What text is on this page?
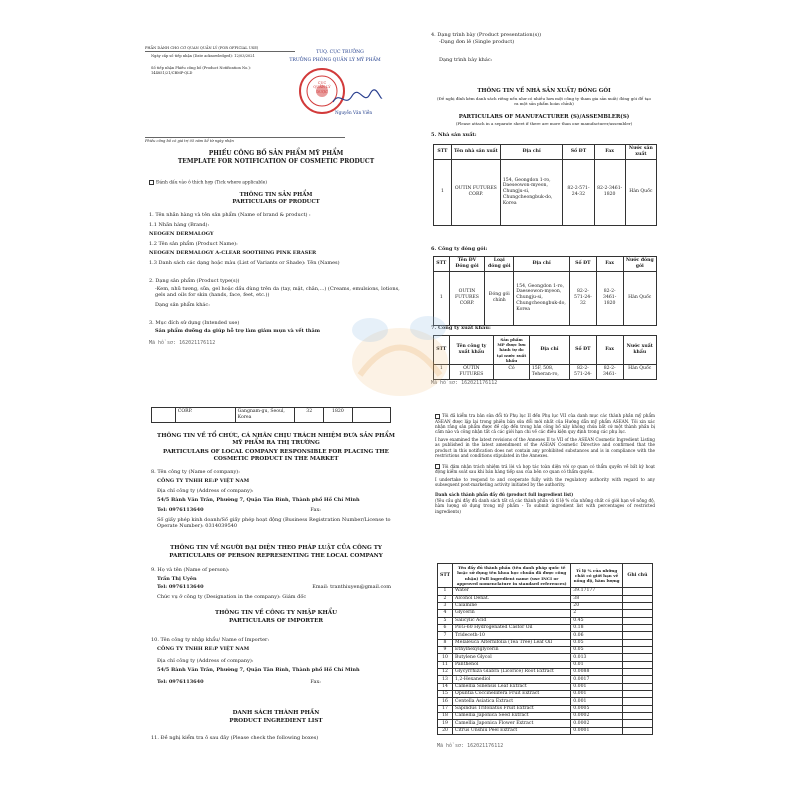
PHẦN DÀNH CHO CƠ QUAN QUẢN LÝ (FOR OFFICIAL USE)
Ngày cấp số tiếp nhận (Date acknowledged): 12/03/2021
Số tiếp nhận Phiếu công bố (Product Notification No.): 144851/21/CBMP-QLD
TUQ. CỤC TRƯỞNG
TRƯỞNG PHÒNG QUẢN LÝ MỸ PHẨM
CỤC
QUẢN LÝ
DƯỢC
Nguyễn Văn Viễn
Phiếu công bố có giá trị 05 năm kể từ ngày nhận
PHIẾU CÔNG BỐ SẢN PHẨM MỸ PHẨM
TEMPLATE FOR NOTIFICATION OF COSMETIC PRODUCT
Đánh dấu vào ô thích hợp (Tick where applicable)
THÔNG TIN SẢN PHẨM
PARTICULARS OF PRODUCT
1. Tên nhãn hàng và tên sản phẩm (Name of brand & product) :
1.1 Nhãn hàng (Brand):
NEOGEN DERMALOGY
1.2 Tên sản phẩm (Product Name):
NEOGEN DERMALOGY A-CLEAR SOOTHING PINK ERASER
1.3 Danh sách các dạng hoặc màu (List of Variants or Shade): Tên (Names)
2. Dạng sản phẩm (Product type(s))
-Kem, nhũ tương, sữa, gel hoặc dầu dùng trên da (tay, mặt, chân,...) (Creams, emulsions, lotions, gels and oils for skin (hands, face, feet, etc.))
Dạng sản phẩm khác:
3. Mục đích sử dụng (Intended use)
Sản phẩm dưỡng da giúp hỗ trợ làm giảm mụn và vết thâm
Mã hồ sơ: 162021176112
4. Dạng trình bày (Product presentation(s))
-Dạng đơn lẻ (Single product)
Dạng trình bày khác:
THÔNG TIN VỀ NHÀ SẢN XUẤT/ ĐÓNG GÓI
(Đề nghị đính kèm danh sách riêng nếu như có nhiều hơn một công ty tham gia sản xuất/ đóng gói để tạo ra một sản phẩm hoàn chỉnh)
PARTICULARS OF MANUFACTURER (S)/ASSEMBLER(S)
(Please attach in a separate sheet if there are more than one manufacturer/assembler)
5. Nhà sản xuất:
STT	Tên nhà sản xuất	Địa chỉ	Số ĐT	Fax	Nước sản xuất
1	OUTIN FUTURES CORP.	154, Geongdon 1-ro, Daeseowon-myeon, Chungju-si, Chungcheongbuk-do, Korea	82-2-571-24-32	82-2-3461-1820	Hàn Quốc
6. Công ty đóng gói:
STT	Tên ĐV Đóng gói	Loại đóng gói	Địa chỉ	Số ĐT	Fax	Nước đóng gói
1	OUTIN FUTURES CORP.	Đóng gói chính	154, Geongdon 1-ro, Daeseowon-myeon, Chungju-si, Chungcheongbuk-do, Korea	82-2-571-24-32	82-2-3461-1820	Hàn Quốc
7. Công ty xuất khẩu:
STT	Tên công ty xuất khẩu	Sản phẩm MP được lưu hành tự do tại nước xuất khẩu	Địa chỉ	Số ĐT	Fax	Nước xuất khẩu
1	OUTIN FUTURES	Có	15F, 508, Teheran-ro,	82-2-571-24-	82-2-3461-	Hàn Quốc
Mã hồ sơ: 162021176112
	CORP.	Gangnam-gu, Seoul, Korea	32	1820	
THÔNG TIN VỀ TỔ CHỨC, CÁ NHÂN CHỊU TRÁCH NHIỆM ĐƯA SẢN PHẨM MỸ PHẨM RA THỊ TRƯỜNG
PARTICULARS OF LOCAL COMPANY RESPONSIBLE FOR PLACING THE COSMETIC PRODUCT IN THE MARKET
8. Tên công ty (Name of company):
CÔNG TY TNHH RE:P VIỆT NAM
Địa chỉ công ty (Address of company):
54/5 Bành Văn Trân, Phường 7, Quận Tân Bình, Thành phố Hồ Chí Minh
Tel: 0976113640	Fax:
Số giấy phép kinh doanh/Số giấy phép hoạt động (Business Registration Number/License to Operate Number): 0314039540
THÔNG TIN VỀ NGƯỜI ĐẠI DIỆN THEO PHÁP LUẬT CỦA CÔNG TY
PARTICULARS OF PERSON REPRESENTING THE LOCAL COMPANY
9. Họ và tên (Name of person):
Trần Thị Uyên
Tel: 0976113640	Email: tranthiuyen@gmail.com
Chức vụ ở công ty (Designation in the company): Giám đốc
THÔNG TIN VỀ CÔNG TY NHẬP KHẨU
PARTICULARS OF IMPORTER
10. Tên công ty nhập khẩu/ Name of Importer:
CÔNG TY TNHH RE:P VIỆT NAM
Địa chỉ công ty (Address of company):
54/5 Bành Văn Trân, Phường 7, Quận Tân Bình, Thành phố Hồ Chí Minh
Tel: 0976113640	Fax:
DANH SÁCH THÀNH PHẦN
PRODUCT INGREDIENT LIST
11. Đề nghị kiểm tra ô sau đây (Please check the following boxes)
Tôi đã kiểm tra bản sửa đổi từ Phụ lục II đến Phụ lục VII của danh mục các thành phần mỹ phẩm ASEAN được lặp lại trong phiên bản sửa đổi mới nhất của Hướng dẫn mỹ phẩm ASEAN. Tôi xin xác nhận rằng sản phẩm được đề cập đến trong bản công bố này không chứa bất cứ một thành phần bị cấm nào và công nhận tất cả các giới hạn chi về các điều kiện quy định trong các phụ lục.
I have examined the latest revisions of the Annexes II to VII of the ASEAN Cosmetic Ingredient Listing as published in the latest amendment of the ASEAN Cosmetic Directive and confirmed that the product in this notification does not contain any prohibited substances and is in compliance with the restrictions and conditions stipulated in the Annexes.
Tôi đảm nhận trách nhiệm trả lời và hợp tác toàn diện với cơ quan có thẩm quyền về bất kỳ hoạt động kiểm soát sau khi bán hàng tiếp sau của bên cơ quan có thẩm quyền.
I undertake to respond to and cooperate fully with the regulatory authority with regard to any subsequent post-marketing activity initiated by the authority.
Danh sách thành phần đầy đủ (product full ingredient list)
(Yêu cầu ghi đầy đủ danh sách tất cả các thành phần và tỉ lệ % của những chất có giới hạn về nồng độ, hàm lượng sử dụng trong mỹ phẩm - To submit ingredient list with percentages of restricted ingredients)
STT	Tên đầy đủ thành phần (tên danh pháp quốc tế hoặc sử dụng tên khoa học chuẩn đã được công nhận) Full Ingredient name (use INCI or approved nomenclature in standard references)	Tỉ lệ % của những chất có giới hạn về nồng độ, hàm lượng	Ghi chú
1	Water	39.17177	
2	Alcohol Denat.	38	
3	Calamine	20	
4	Glycerin	2	
5	Salicylic Acid	0.45	
6	PEG-60 Hydrogenated Castor Oil	0.18	
7	Trideceth-10	0.06	
8	Melaleuca Alternifolia (Tea Tree) Leaf Oil	0.05	
9	Ethylhexylglycerin	0.05	
10	Butylene Glycol	0.013	
11	Panthenol	0.01	
12	Glycyrrhiza Glabra (Licorice) Root Extract	0.0088	
13	1,2-Hexanediol	0.0017	
14	Camellia Sinensis Leaf Extract	0.001	
15	Opuntia Coccinellifera Fruit Extract	0.001	
16	Centella Asiatica Extract	0.001	
17	Sapindus Trifoliatus Fruit Extract	0.0005	
18	Camellia Japonica Seed Extract	0.0002	
19	Camellia Japonica Flower Extract	0.0002	
20	Citrus Unshiu Peel Extract	0.0001	
Mã hồ sơ: 162021176112
